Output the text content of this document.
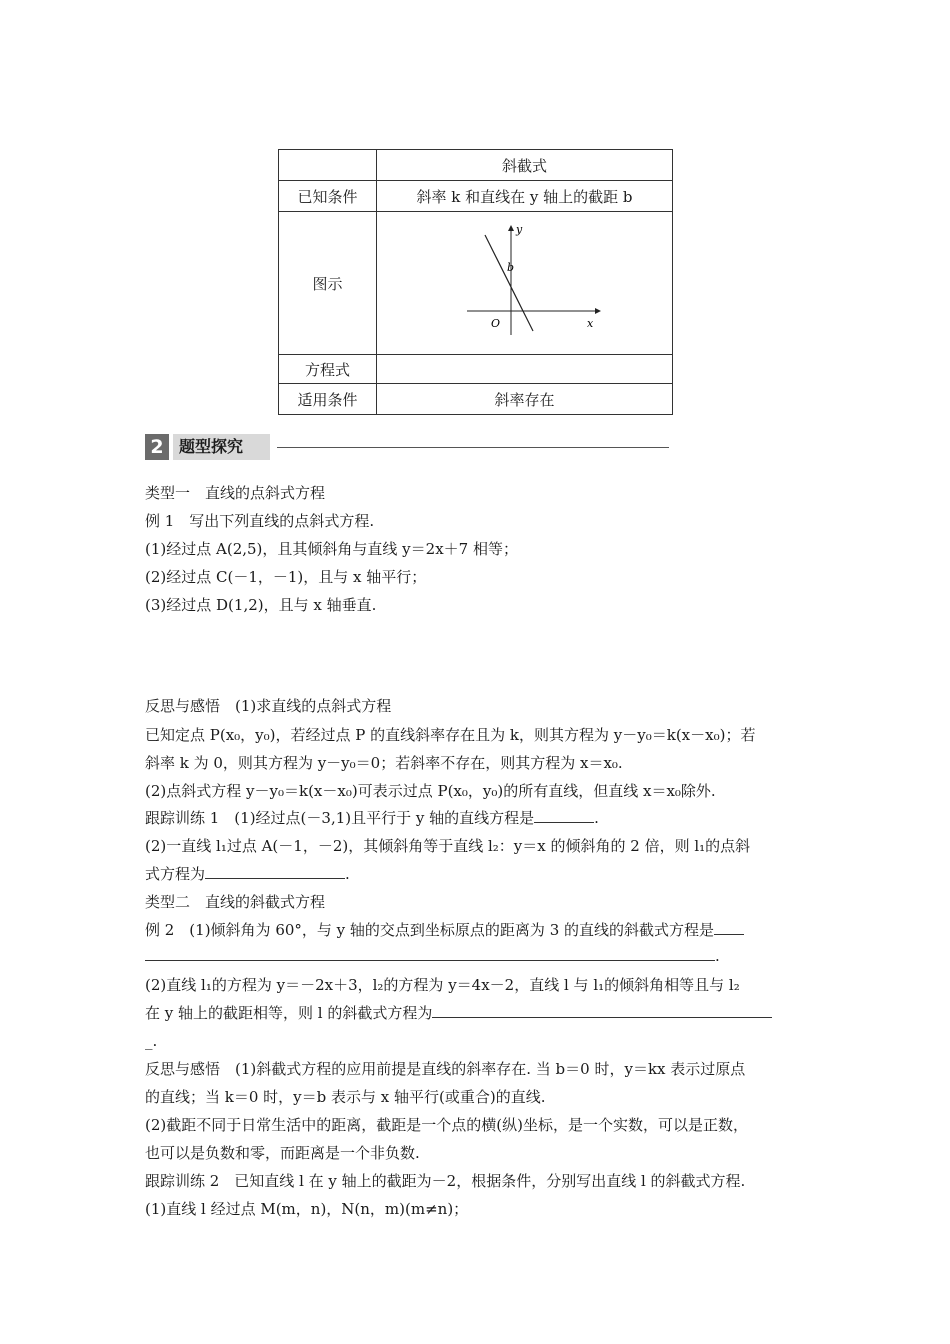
	斜截式
已知条件	斜率 k 和直线在 y 轴上的截距 b
图示	y
x
O
b

方程式	
适用条件	斜率存在
2 题型探究
类型一　直线的点斜式方程
例 1　写出下列直线的点斜式方程.
(1)经过点 A(2,5)，且其倾斜角与直线 y＝2x＋7 相等；
(2)经过点 C(－1，－1)，且与 x 轴平行；
(3)经过点 D(1,2)，且与 x 轴垂直.
反思与感悟　(1)求直线的点斜式方程
已知定点 P(x₀，y₀)，若经过点 P 的直线斜率存在且为 k，则其方程为 y－y₀＝k(x－x₀)；若
斜率 k 为 0，则其方程为 y－y₀＝0；若斜率不存在，则其方程为 x＝x₀.
(2)点斜式方程 y－y₀＝k(x－x₀)可表示过点 P(x₀，y₀)的所有直线，但直线 x＝x₀除外.
跟踪训练 1　(1)经过点(－3,1)且平行于 y 轴的直线方程是	.
(2)一直线 l₁过点 A(－1，－2)，其倾斜角等于直线 l₂：y＝x 的倾斜角的 2 倍，则 l₁的点斜
式方程为	.
类型二　直线的斜截式方程
例 2　(1)倾斜角为 60°，与 y 轴的交点到坐标原点的距离为 3 的直线的斜截式方程是
.
(2)直线 l₁的方程为 y＝－2x＋3，l₂的方程为 y＝4x－2，直线 l 与 l₁的倾斜角相等且与 l₂
在 y 轴上的截距相等，则 l 的斜截式方程为
_.
反思与感悟　(1)斜截式方程的应用前提是直线的斜率存在. 当 b＝0 时，y＝kx 表示过原点
的直线；当 k＝0 时，y＝b 表示与 x 轴平行(或重合)的直线.
(2)截距不同于日常生活中的距离，截距是一个点的横(纵)坐标，是一个实数，可以是正数，
也可以是负数和零，而距离是一个非负数.
跟踪训练 2　已知直线 l 在 y 轴上的截距为－2，根据条件，分别写出直线 l 的斜截式方程.
(1)直线 l 经过点 M(m，n)，N(n，m)(m≠n)；
